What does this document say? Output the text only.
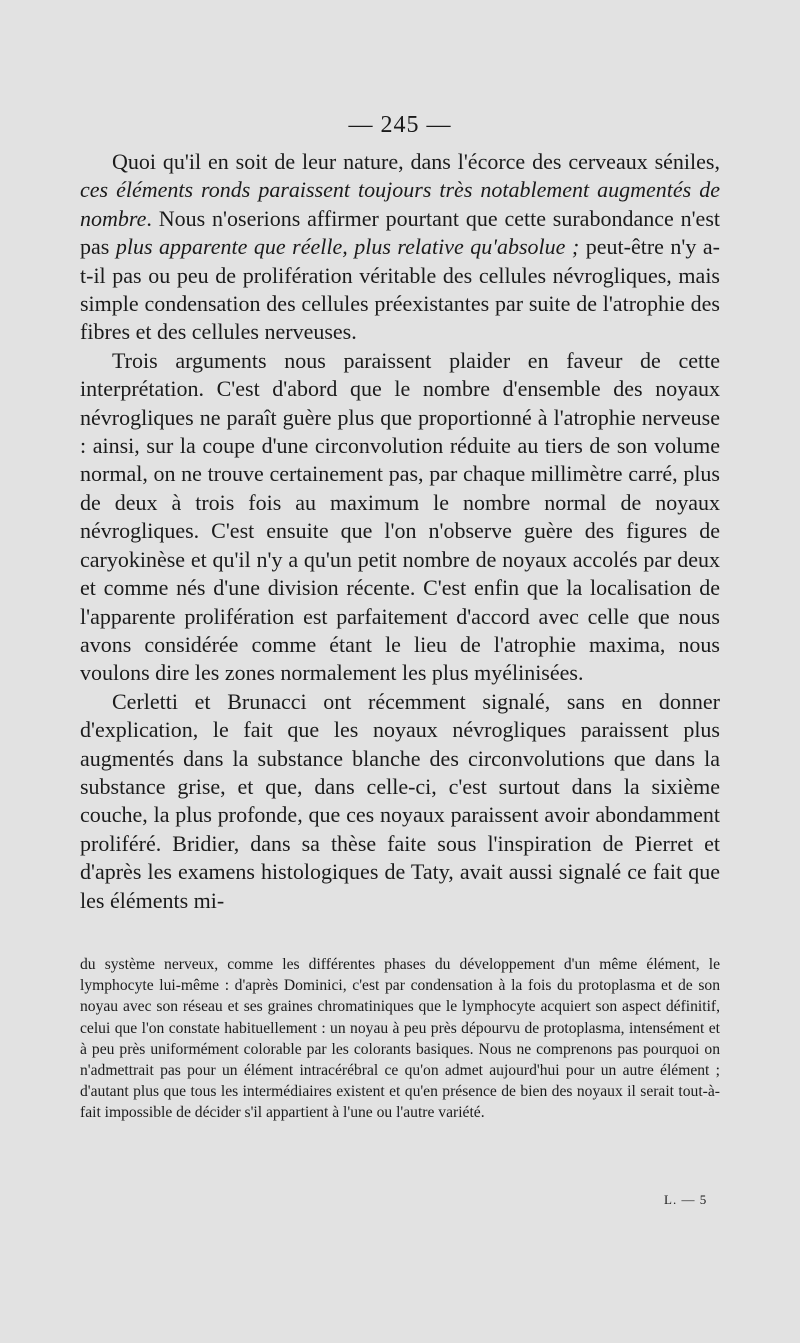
— 245 —

Quoi qu'il en soit de leur nature, dans l'écorce des cerveaux séniles, ces éléments ronds paraissent toujours très notablement augmentés de nombre. Nous n'oserions affirmer pourtant que cette surabondance n'est pas plus apparente que réelle, plus relative qu'absolue ; peut-être n'y a-t-il pas ou peu de prolifération véritable des cellules névrogliques, mais simple condensation des cellules préexistantes par suite de l'atrophie des fibres et des cellules nerveuses.

Trois arguments nous paraissent plaider en faveur de cette interprétation. C'est d'abord que le nombre d'ensemble des noyaux névrogliques ne paraît guère plus que proportionné à l'atrophie nerveuse : ainsi, sur la coupe d'une circonvolution réduite au tiers de son volume normal, on ne trouve certainement pas, par chaque millimètre carré, plus de deux à trois fois au maximum le nombre normal de noyaux névrogliques. C'est ensuite que l'on n'observe guère des figures de caryokinèse et qu'il n'y a qu'un petit nombre de noyaux accolés par deux et comme nés d'une division récente. C'est enfin que la localisation de l'apparente prolifération est parfaitement d'accord avec celle que nous avons considérée comme étant le lieu de l'atrophie maxima, nous voulons dire les zones normalement les plus myélinisées.

Cerletti et Brunacci ont récemment signalé, sans en donner d'explication, le fait que les noyaux névrogliques paraissent plus augmentés dans la substance blanche des circonvolutions que dans la substance grise, et que, dans celle-ci, c'est surtout dans la sixième couche, la plus profonde, que ces noyaux paraissent avoir abondamment proliféré. Bridier, dans sa thèse faite sous l'inspiration de Pierret et d'après les examens histologiques de Taty, avait aussi signalé ce fait que les éléments mi-

du système nerveux, comme les différentes phases du développement d'un même élément, le lymphocyte lui-même : d'après Dominici, c'est par condensation à la fois du protoplasma et de son noyau avec son réseau et ses graines chromatiniques que le lymphocyte acquiert son aspect définitif, celui que l'on constate habituellement : un noyau à peu près dépourvu de protoplasma, intensément et à peu près uniformément colorable par les colorants basiques. Nous ne comprenons pas pourquoi on n'admettrait pas pour un élément intracérébral ce qu'on admet aujourd'hui pour un autre élément ; d'autant plus que tous les intermédiaires existent et qu'en présence de bien des noyaux il serait tout-à-fait impossible de décider s'il appartient à l'une ou l'autre variété.

L. — 5
